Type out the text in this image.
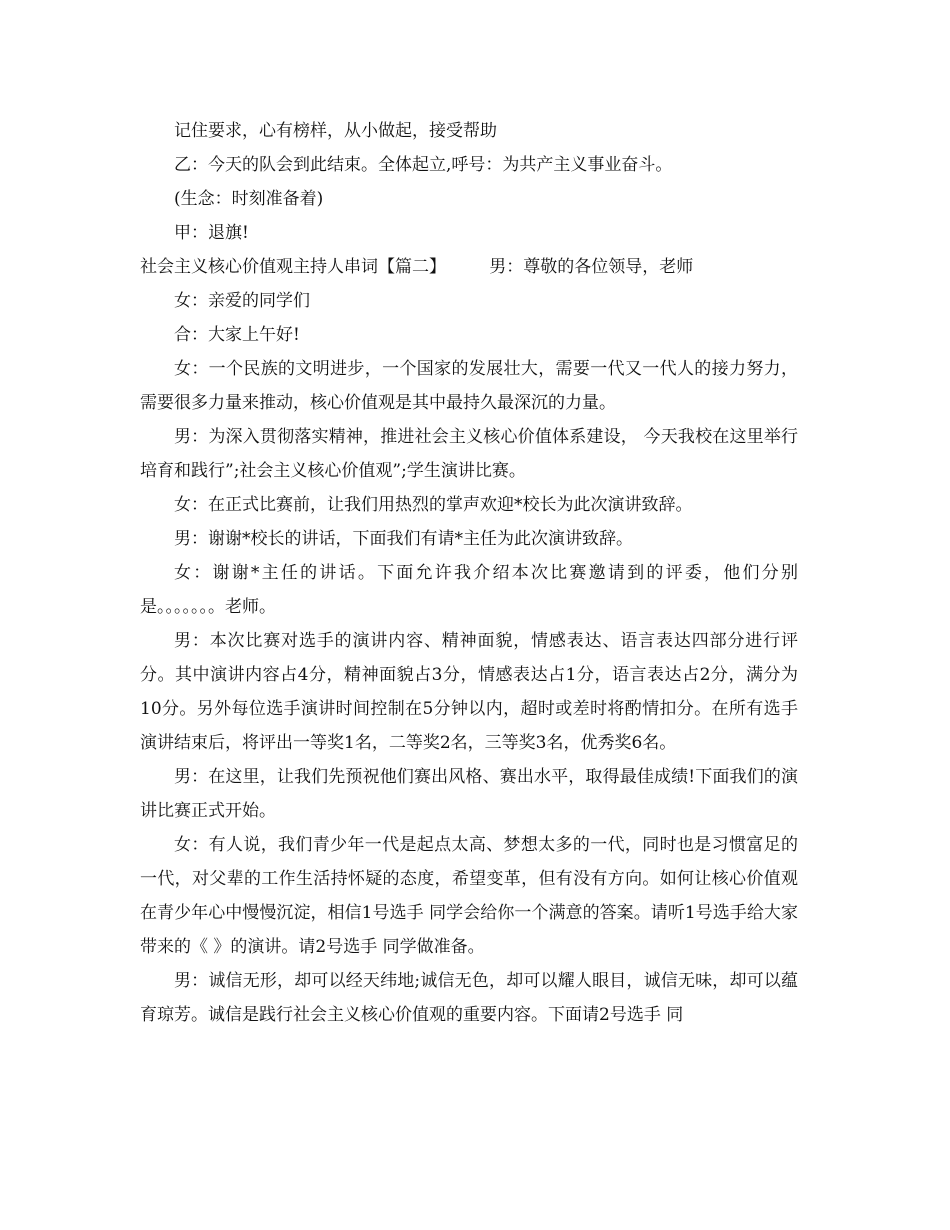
记住要求，心有榜样，从小做起，接受帮助

乙：今天的队会到此结束。全体起立,呼号：为共产主义事业奋斗。

(生念：时刻准备着)

甲：退旗!

社会主义核心价值观主持人串词【篇二】        男：尊敬的各位领导，老师

女：亲爱的同学们

合：大家上午好!

女：一个民族的文明进步，一个国家的发展壮大，需要一代又一代人的接力努力，需要很多力量来推动，核心价值观是其中最持久最深沉的力量。

男：为深入贯彻落实精神，推进社会主义核心价值体系建设， 今天我校在这里举行培育和践行”;社会主义核心价值观”;学生演讲比赛。

女：在正式比赛前，让我们用热烈的掌声欢迎*校长为此次演讲致辞。

男：谢谢*校长的讲话，下面我们有请*主任为此次演讲致辞。

女：谢谢*主任的讲话。下面允许我介绍本次比赛邀请到的评委，他们分别是。。。。。。。老师。

男：本次比赛对选手的演讲内容、精神面貌，情感表达、语言表达四部分进行评分。其中演讲内容占4分，精神面貌占3分，情感表达占1分，语言表达占2分，满分为10分。另外每位选手演讲时间控制在5分钟以内，超时或差时将酌情扣分。在所有选手演讲结束后，将评出一等奖1名，二等奖2名，三等奖3名，优秀奖6名。

男：在这里，让我们先预祝他们赛出风格、赛出水平，取得最佳成绩!下面我们的演讲比赛正式开始。

女：有人说，我们青少年一代是起点太高、梦想太多的一代，同时也是习惯富足的一代，对父辈的工作生活持怀疑的态度，希望变革，但有没有方向。如何让核心价值观在青少年心中慢慢沉淀，相信1号选手 同学会给你一个满意的答案。请听1号选手给大家带来的《 》的演讲。请2号选手 同学做准备。

男：诚信无形，却可以经天纬地;诚信无色，却可以耀人眼目，诚信无味，却可以蕴育琼芳。诚信是践行社会主义核心价值观的重要内容。下面请2号选手 同
